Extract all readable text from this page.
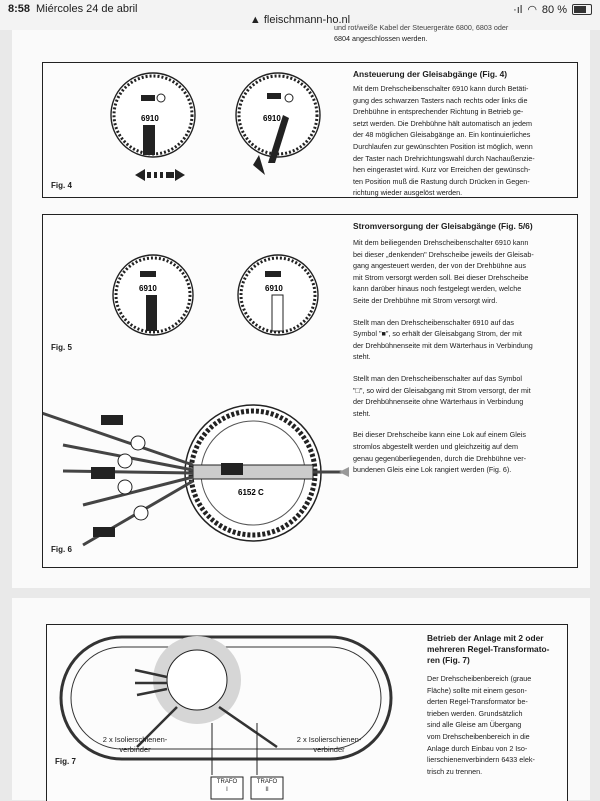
8:58 Miércoles 24 de abril
▲ fleischmann-ho.nl
·ıl ◠ 80 %
und rot/weiße Kabel der Steuergeräte 6800, 6803 oder
6804 angeschlossen werden.
6910	6910
Fig. 4
Ansteuerung der Gleisabgänge (Fig. 4)
Mit dem Drehscheibenschalter 6910 kann durch Betäti-
gung des schwarzen Tasters nach rechts oder links die
Drehbühne in entsprechender Richtung in Betrieb ge-
setzt werden. Die Drehbühne hält automatisch an jedem
der 48 möglichen Gleisabgänge an. Ein kontinuierliches
Durchlaufen zur gewünschten Position ist möglich, wenn
der Taster nach Drehrichtungswahl durch Nachaußenzie-
hen eingerastet wird. Kurz vor Erreichen der gewünsch-
ten Position muß die Rastung durch Drücken in Gegen-
richtung wieder ausgelöst werden.
6910	6910
6152 C
Fig. 5
Fig. 6
Stromversorgung der Gleisabgänge (Fig. 5/6)
Mit dem beiliegenden Drehscheibenschalter 6910 kann
bei dieser „denkenden" Drehscheibe jeweils der Gleisab-
gang angesteuert werden, der von der Drehbühne aus
mit Strom versorgt werden soll. Bei dieser Drehscheibe
kann darüber hinaus noch festgelegt werden, welche
Seite der Drehbühne mit Strom versorgt wird.
Stellt man den Drehscheibenschalter 6910 auf das
Symbol "■", so erhält der Gleisabgang Strom, der mit
der Drehbühnenseite mit dem Wärterhaus in Verbindung
steht.
Stellt man den Drehscheibenschalter auf das Symbol
"□", so wird der Gleisabgang mit Strom versorgt, der mit
der Drehbühnenseite ohne Wärterhaus in Verbindung
steht.
Bei dieser Drehscheibe kann eine Lok auf einem Gleis
stromlos abgestellt werden und gleichzeitig auf dem
genau gegenüberliegenden, durch die Drehbühne ver-
bundenen Gleis eine Lok rangiert werden (Fig. 6).
2 x Isolierschienen-
verbinder
2 x Isolierschienen-
verbinder
TRAFO
I
TRAFO
II
Fig. 7
Betrieb der Anlage mit 2 oder
mehreren Regel-Transformato-
ren (Fig. 7)
Der Drehscheibenbereich (graue
Fläche) sollte mit einem geson-
derten Regel-Transformator be-
trieben werden. Grundsätzlich
sind alle Gleise am Übergang
vom Drehscheibenbereich in die
Anlage durch Einbau von 2 Iso-
lierschienenverbindern 6433 elek-
trisch zu trennen.
